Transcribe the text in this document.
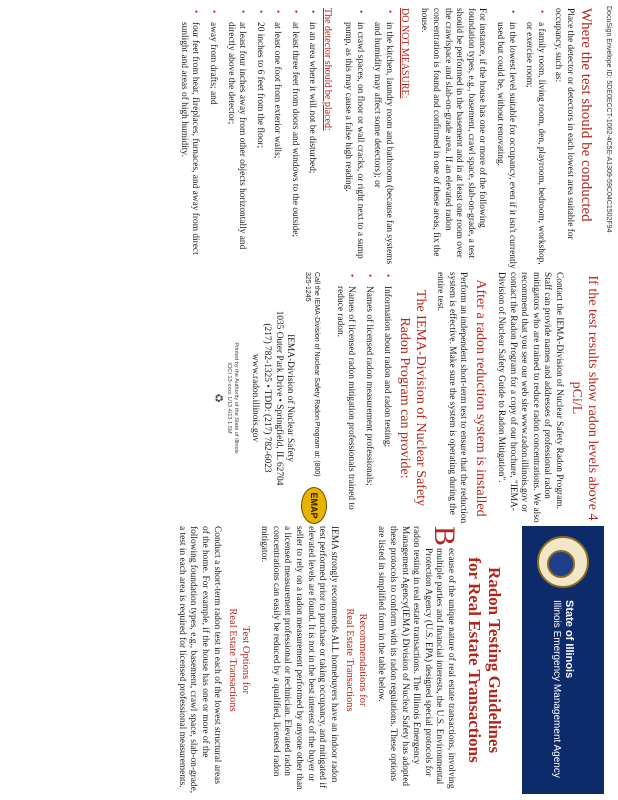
DocuSign Envelope ID: 5DE0ECCT-1062-4C5E-A1309-59C04C1502F94
Where the test should be conducted

Place the detector or detectors in each lowest area suitable for occupancy, such as:

• a family room, living room, den, playroom, bedroom, workshop, or exercise room;
• in the lowest level suitable for occupancy, even if it isn't currently used but could be, without renovating.

For instance, if the house has one or more of the following foundation types, e.g., basement, crawl space, slab-on-grade, a test should be performed in the basement and in at least one room over the crawlspace and slab-on-grade area. If an elevated radon concentration is found and confirmed in one of these areas, fix the house.

DO NOT MEASURE:
• in the kitchen, laundry room and bathroom (because fan systems and humidity may affect some detectors); or
• in crawl spaces, on floor or wall cracks, or right next to a sump pump, as this may cause a false high reading.
The detector should be placed:
• in an area where it will not be disturbed;
• at least three feet from doors and windows to the outside;
• at least one foot from exterior walls;
• 20 inches to 6 feet from the floor;
• at least four inches away from other objects horizontally and directly above the detector;
• away from drafts; and
• four feet from heat, fireplaces, furnaces, and away from direct sunlight and areas of high humidity.
If the test results show radon levels above 4 pCi/L

Contact the IEMA-Division of Nuclear Safety Radon Program. Staff can provide names and addresses of professional radon mitigators who are trained to reduce radon concentrations. We also recommend that you see our web site www.radon.illinois.gov or contact the Radon Program for a copy of our brochure, "IEMA-Division of Nuclear Safety Guide to Radon Mitigation".

After a radon reduction system is installed

Perform an independent short-term test to ensure that the reduction system is effective. Make sure the system is operating during the entire test.

The IEMA-Division of Nuclear Safety Radon Program can provide:
• Information about radon and radon testing;
• Names of licensed radon measurement professionals;
• Names of licensed radon mitigation professionals trained to reduce radon.
Call the IEMA-Division of Nuclear Safety Radon Program at: (800) 325-1245
EMAP
IEMA-Division of Nuclear Safety
1035 Outer Park Drive • Springfield, IL 62704
(217) 782-1325 • TDD: (217) 782-6023
www.radon.illinois.gov
Printed by the Authority of the State of Illinois
IOCI 13-xxxx 1/13 4/13 1.5M
♻
State of Illinois
Illinois Emergency Management Agency
Radon Testing Guidelines
for Real Estate Transactions

Because of the unique nature of real estate transactions, involving multiple parties and financial interests, the U.S. Environmental Protection Agency (U.S. EPA) designed special protocols for radon testing in real estate transactions. The Illinois Emergency Management Agency(IEMA) Division of Nuclear Safety has adopted these protocols to conform with its radon regulations. These options are listed in simplified form in the table below.

Recommendations for
Real Estate Transactions

IEMA strongly recommends ALL homebuyers have an indoor radon test performed prior to purchase or taking occupancy, and mitigated if elevated levels are found. It is not in the best interest of the buyer or seller to rely on a radon measurement performed by anyone other than a licensed measurement professional or technician. Elevated radon concentrations can easily be reduced by a qualified, licensed radon mitigator.

Test Options for
Real Estate Transactions

Conduct a short-term radon test in each of the lowest structural areas of the home. For example, if the house has one or more of the following foundation types, e.g., basement, crawl space, slab-on-grade, a test in each area is required for licensed professional measurements.
